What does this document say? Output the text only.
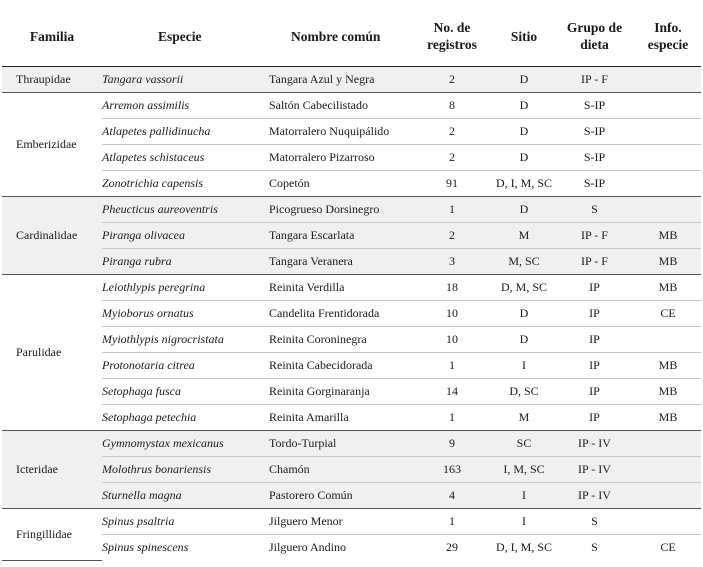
Familia	Especie	Nombre común	No. de registros	Sitio	Grupo de dieta	Info. especie
Thraupidae	Tangara vassorii	Tangara Azul y Negra	2	D	IP - F	
Emberizidae	Arremon assimilis	Saltón Cabecilistado	8	D	S-IP	
	Atlapetes pallidinucha	Matorralero Nuquipálido	2	D	S-IP	
	Atlapetes schistaceus	Matorralero Pizarroso	2	D	S-IP	
	Zonotrichia capensis	Copetón	91	D, I, M, SC	S-IP	
Cardinalidae	Pheucticus aureoventris	Picogrueso Dorsinegro	1	D	S	
	Piranga olivacea	Tangara Escarlata	2	M	IP - F	MB
	Piranga rubra	Tangara Veranera	3	M, SC	IP - F	MB
Parulidae	Leiothlypis peregrina	Reinita Verdilla	18	D, M, SC	IP	MB
	Myioborus ornatus	Candelita Frentidorada	10	D	IP	CE
	Myiothlypis nigrocristata	Reinita Coroninegra	10	D	IP	
	Protonotaria citrea	Reinita Cabecidorada	1	I	IP	MB
	Setophaga fusca	Reinita Gorginaranja	14	D, SC	IP	MB
	Setophaga petechia	Reinita Amarilla	1	M	IP	MB
Icteridae	Gymnomystax mexicanus	Tordo-Turpial	9	SC	IP - IV	
	Molothrus bonariensis	Chamón	163	I, M, SC	IP - IV	
	Sturnella magna	Pastorero Común	4	I	IP - IV	
Fringillidae	Spinus psaltria	Jilguero Menor	1	I	S	
	Spinus spinescens	Jilguero Andino	29	D, I, M, SC	S	CE
